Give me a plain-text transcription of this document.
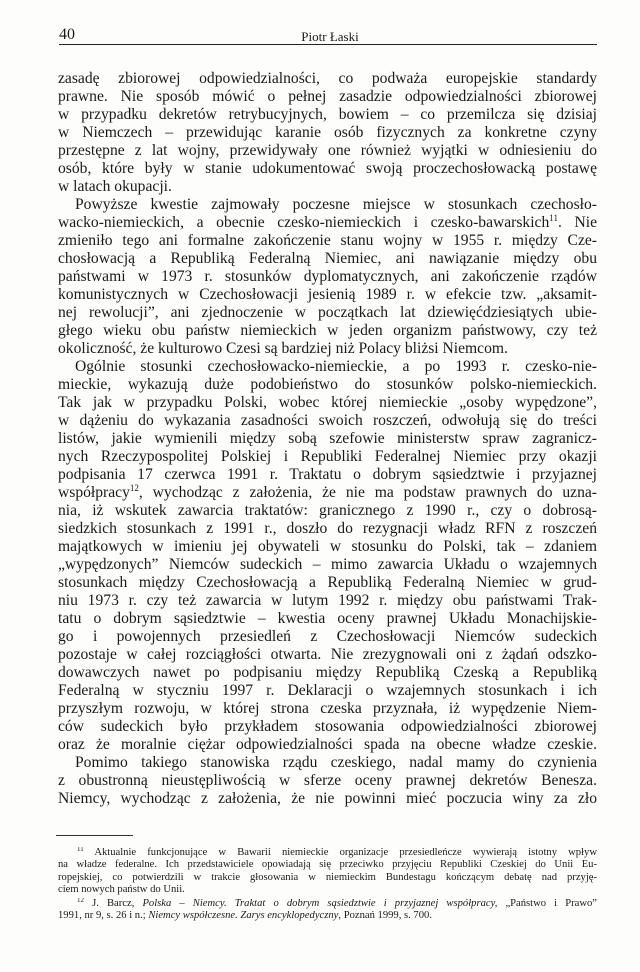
40	Piotr Łaski
zasadę zbiorowej odpowiedzialności, co podważa europejskie standardy
prawne. Nie sposób mówić o pełnej zasadzie odpowiedzialności zbiorowej
w przypadku dekretów retrybucyjnych, bowiem – co przemilcza się dzisiaj
w Niemczech – przewidując karanie osób fizycznych za konkretne czyny
przestępne z lat wojny, przewidywały one również wyjątki w odniesieniu do
osób, które były w stanie udokumentować swoją proczechosłowacką postawę
w latach okupacji.
Powyższe kwestie zajmowały poczesne miejsce w stosunkach czechosło-
wacko-niemieckich, a obecnie czesko-niemieckich i czesko-bawarskich$^{11}$. Nie
zmieniło tego ani formalne zakończenie stanu wojny w 1955 r. między Cze-
chosłowacją a Republiką Federalną Niemiec, ani nawiązanie między obu
państwami w 1973 r. stosunków dyplomatycznych, ani zakończenie rządów
komunistycznych w Czechosłowacji jesienią 1989 r. w efekcie tzw. „aksamit-
nej rewolucji”, ani zjednoczenie w początkach lat dziewięćdziesiątych ubie-
głego wieku obu państw niemieckich w jeden organizm państwowy, czy też
okoliczność, że kulturowo Czesi są bardziej niż Polacy bliżsi Niemcom.
Ogólnie stosunki czechosłowacko-niemieckie, a po 1993 r. czesko-nie-
mieckie, wykazują duże podobieństwo do stosunków polsko-niemieckich.
Tak jak w przypadku Polski, wobec której niemieckie „osoby wypędzone”,
w dążeniu do wykazania zasadności swoich roszczeń, odwołują się do treści
listów, jakie wymienili między sobą szefowie ministerstw spraw zagranicz-
nych Rzeczypospolitej Polskiej i Republiki Federalnej Niemiec przy okazji
podpisania 17 czerwca 1991 r. Traktatu o dobrym sąsiedztwie i przyjaznej
współpracy$^{12}$, wychodząc z założenia, że nie ma podstaw prawnych do uzna-
nia, iż wskutek zawarcia traktatów: granicznego z 1990 r., czy o dobrosą-
siedzkich stosunkach z 1991 r., doszło do rezygnacji władz RFN z roszczeń
majątkowych w imieniu jej obywateli w stosunku do Polski, tak – zdaniem
„wypędzonych” Niemców sudeckich – mimo zawarcia Układu o wzajemnych
stosunkach między Czechosłowacją a Republiką Federalną Niemiec w grud-
niu 1973 r. czy też zawarcia w lutym 1992 r. między obu państwami Trak-
tatu o dobrym sąsiedztwie – kwestia oceny prawnej Układu Monachijskie-
go i powojennych przesiedleń z Czechosłowacji Niemców sudeckich
pozostaje w całej rozciągłości otwarta. Nie zrezygnowali oni z żądań odszko-
dowawczych nawet po podpisaniu między Republiką Czeską a Republiką
Federalną w styczniu 1997 r. Deklaracji o wzajemnych stosunkach i ich
przyszłym rozwoju, w której strona czeska przyznała, iż wypędzenie Niem-
ców sudeckich było przykładem stosowania odpowiedzialności zbiorowej
oraz że moralnie ciężar odpowiedzialności spada na obecne władze czeskie.
Pomimo takiego stanowiska rządu czeskiego, nadal mamy do czynienia
z obustronną nieustępliwością w sferze oceny prawnej dekretów Benesza.
Niemcy, wychodząc z założenia, że nie powinni mieć poczucia winy za zło
$^{11}$ Aktualnie funkcjonujące w Bawarii niemieckie organizacje przesiedleńcze wywierają istotny wpływ
na władze federalne. Ich przedstawiciele opowiadają się przeciwko przyjęciu Republiki Czeskiej do Unii Eu-
ropejskiej, co potwierdzili w trakcie głosowania w niemieckim Bundestagu kończącym debatę nad przyję-
ciem nowych państw do Unii.
$^{12}$ J. Barcz, Polska – Niemcy. Traktat o dobrym sąsiedztwie i przyjaznej współpracy, „Państwo i Prawo”
1991, nr 9, s. 26 i n.; Niemcy współczesne. Zarys encyklopedyczny, Poznań 1999, s. 700.
